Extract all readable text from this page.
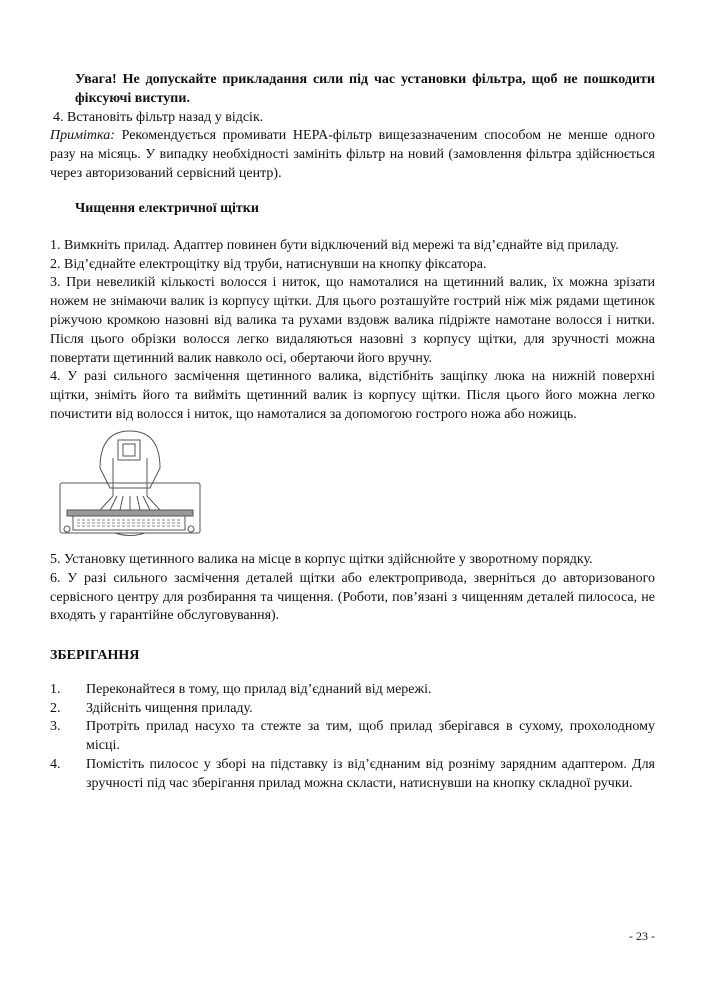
Увага! Не допускайте прикладання сили під час установки фільтра, щоб не пошкодити фіксуючі виступи.

4. Встановіть фільтр назад у відсік.

Примітка: Рекомендується промивати HEPA-фільтр вищезазначеним способом не менше одного разу на місяць. У випадку необхідності замініть фільтр на новий (замовлення фільтра здійснюється через авторизований сервісний центр).

Чищення електричної щітки

1. Вимкніть прилад. Адаптер повинен бути відключений від мережі та від’єднайте від приладу.

2. Від’єднайте електрощітку від труби, натиснувши на кнопку фіксатора.

3. При невеликій кількості волосся і ниток, що намоталися на щетинний валик, їх можна зрізати ножем не знімаючи валик із корпусу щітки. Для цього розташуйте гострий ніж між рядами щетинок ріжучою кромкою назовні від валика та рухами вздовж валика підріжте намотане волосся і нитки. Після цього обрізки волосся легко видаляються назовні з корпусу щітки, для зручності можна повертати щетинний валик навколо осі, обертаючи його вручну.

4. У разі сильного засмічення щетинного валика, відстібніть защіпку люка на нижній поверхні щітки, зніміть його та вийміть щетинний валик із корпусу щітки. Після цього його можна легко почистити від волосся і ниток, що намоталися за допомогою гострого ножа або ножиць.

5. Установку щетинного валика на місце в корпус щітки здійснюйте у зворотному порядку.

6. У разі сильного засмічення деталей щітки або електропривода, зверніться до авторизованого сервісного центру для розбирання та чищення. (Роботи, пов’язані з чищенням деталей пилососа, не входять у гарантійне обслуговування).

ЗБЕРІГАННЯ

1.	Переконайтеся в тому, що прилад від’єднаний від мережі.
2.	Здійсніть чищення приладу.
3.	Протріть прилад насухо та стежте за тим, щоб прилад зберігався в сухому, прохолодному місці.
4.	Помістіть пилосос у зборі на підставку із від’єднаним від розніму зарядним адаптером. Для зручності під час зберігання прилад можна скласти, натиснувши на кнопку складної ручки.
- 23 -
